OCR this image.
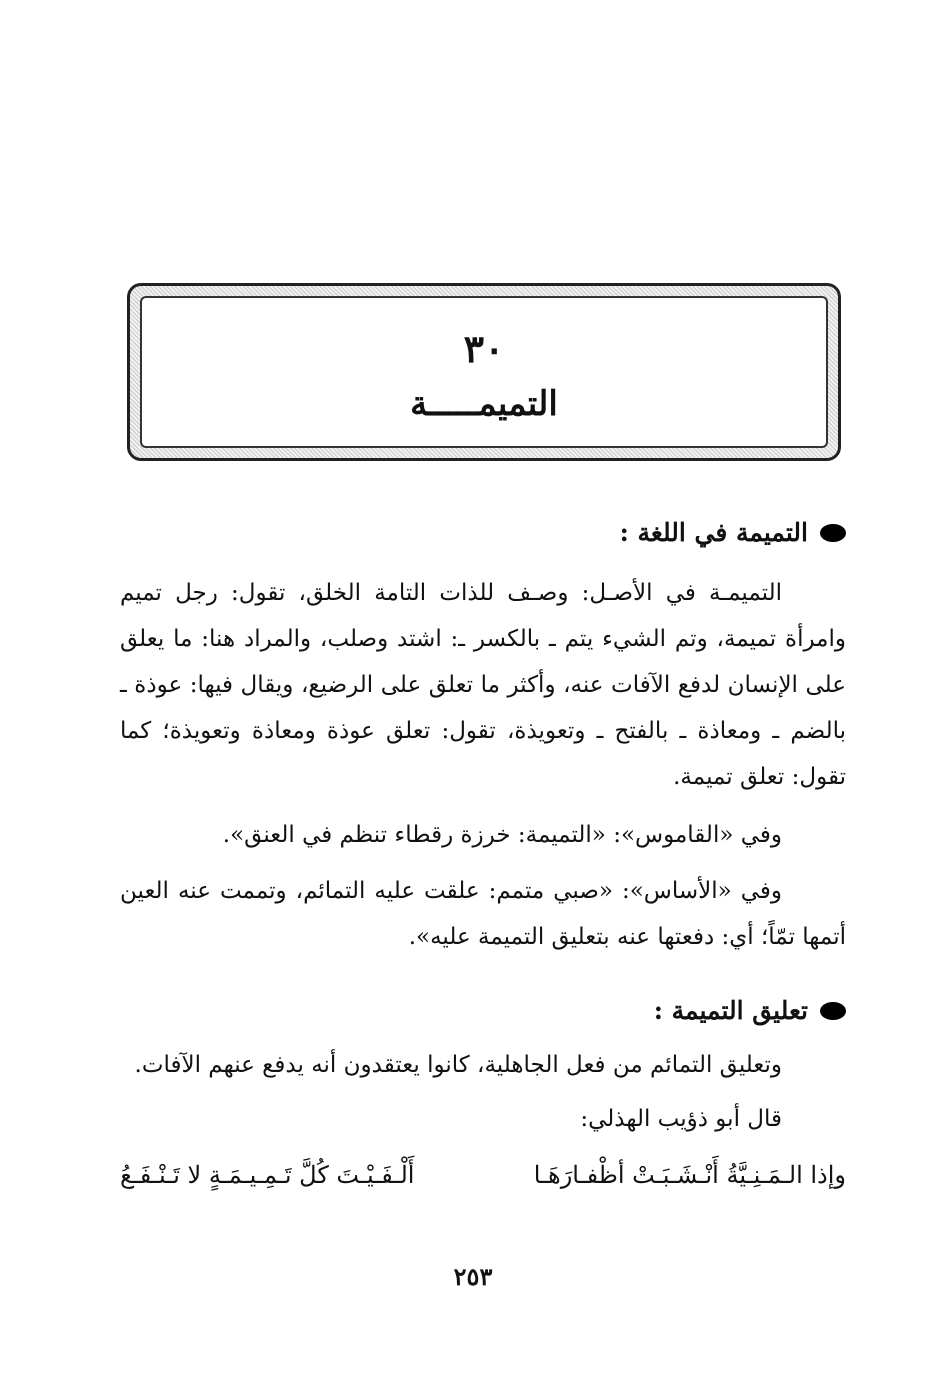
٣٠
التميمـــــة
التميمة في اللغة :

التميمـة في الأصـل: وصـف للذات التامة الخلق، تقول: رجل تميم وامرأة تميمة، وتم الشيء يتم ـ بالكسر ـ: اشتد وصلب، والمراد هنا: ما يعلق على الإنسان لدفع الآفات عنه، وأكثر ما تعلق على الرضيع، ويقال فيها: عوذة ـ بالضم ـ ومعاذة ـ بالفتح ـ وتعويذة، تقول: تعلق عوذة ومعاذة وتعويذة؛ كما تقول: تعلق تميمة.

وفي «القاموس»: «التميمة: خرزة رقطاء تنظم في العنق».

وفي «الأساس»: «صبي متمم: علقت عليه التمائم، وتممت عنه العين أتمها تمّاً؛ أي: دفعتها عنه بتعليق التميمة عليه».

تعليق التميمة :

وتعليق التمائم من فعل الجاهلية، كانوا يعتقدون أنه يدفع عنهم الآفات.

قال أبو ذؤيب الهذلي:

وإذا الـمَـنِـيَّةُ أَنْـشَـبَـتْ أظْفـارَهَـا
أَلْـفَـيْـتَ كُلَّ تَـمِـيـمَـةٍ لا تَـنْـفَـعُ
٢٥٣
